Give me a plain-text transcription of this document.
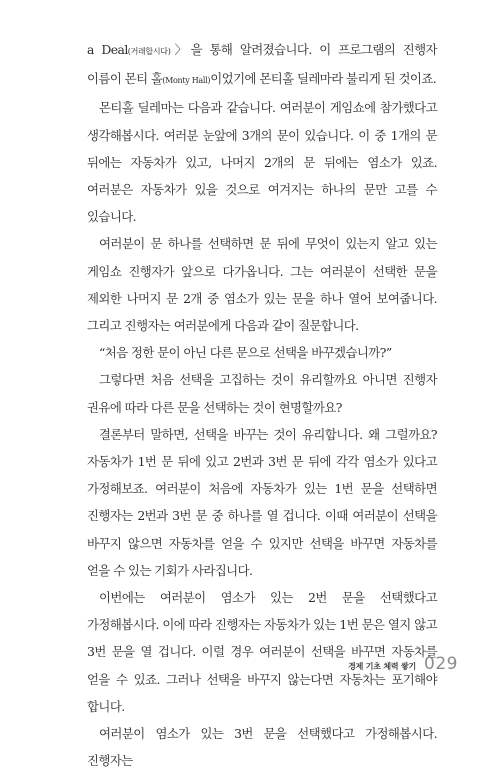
a Deal(거래합시다)〉을 통해 알려졌습니다. 이 프로그램의 진행자 이름이 몬티 홀(Monty Hall)이었기에 몬티홀 딜레마라 불리게 된 것이죠.

몬티홀 딜레마는 다음과 같습니다. 여러분이 게임쇼에 참가했다고 생각해봅시다. 여러분 눈앞에 3개의 문이 있습니다. 이 중 1개의 문 뒤에는 자동차가 있고, 나머지 2개의 문 뒤에는 염소가 있죠. 여러분은 자동차가 있을 것으로 여겨지는 하나의 문만 고를 수 있습니다.

여러분이 문 하나를 선택하면 문 뒤에 무엇이 있는지 알고 있는 게임쇼 진행자가 앞으로 다가옵니다. 그는 여러분이 선택한 문을 제외한 나머지 문 2개 중 염소가 있는 문을 하나 열어 보여줍니다. 그리고 진행자는 여러분에게 다음과 같이 질문합니다.

“처음 정한 문이 아닌 다른 문으로 선택을 바꾸겠습니까?”

그렇다면 처음 선택을 고집하는 것이 유리할까요 아니면 진행자 권유에 따라 다른 문을 선택하는 것이 현명할까요?

결론부터 말하면, 선택을 바꾸는 것이 유리합니다. 왜 그럴까요? 자동차가 1번 문 뒤에 있고 2번과 3번 문 뒤에 각각 염소가 있다고 가정해보죠. 여러분이 처음에 자동차가 있는 1번 문을 선택하면 진행자는 2번과 3번 문 중 하나를 열 겁니다. 이때 여러분이 선택을 바꾸지 않으면 자동차를 얻을 수 있지만 선택을 바꾸면 자동차를 얻을 수 있는 기회가 사라집니다.

이번에는 여러분이 염소가 있는 2번 문을 선택했다고 가정해봅시다. 이에 따라 진행자는 자동차가 있는 1번 문은 열지 않고 3번 문을 열 겁니다. 이럴 경우 여러분이 선택을 바꾸면 자동차를 얻을 수 있죠. 그러나 선택을 바꾸지 않는다면 자동차는 포기해야 합니다.

여러분이 염소가 있는 3번 문을 선택했다고 가정해봅시다. 진행자는

경제 기초 체력 쌓기 029
